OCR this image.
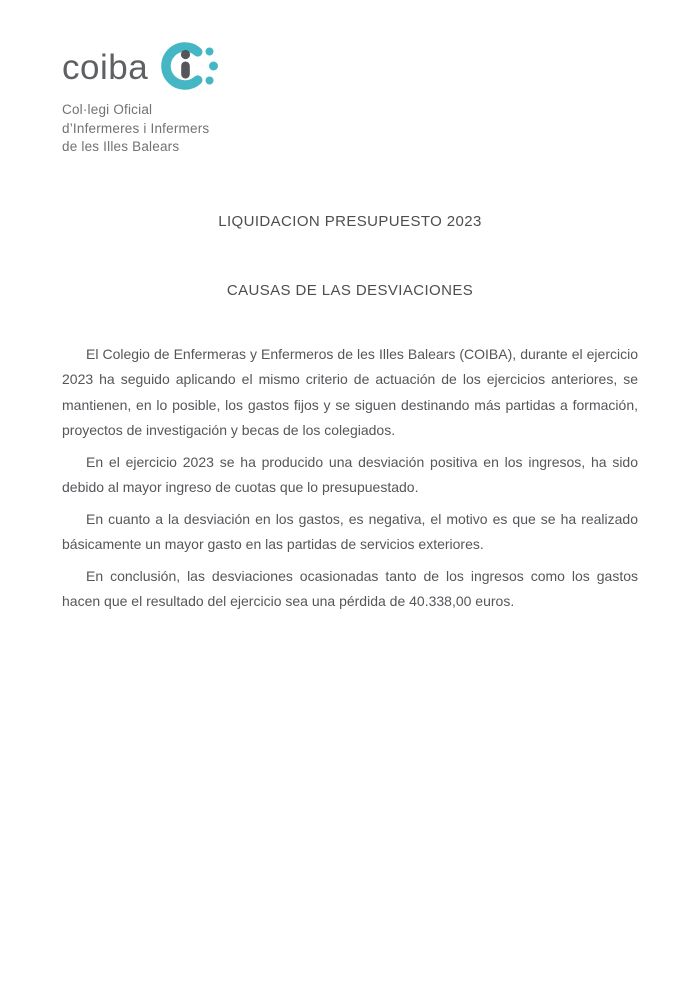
coiba
Col·legi Oficial
d’Infermeres i Infermers
de les Illes Balears
LIQUIDACION PRESUPUESTO 2023
CAUSAS DE LAS DESVIACIONES

El Colegio de Enfermeras y Enfermeros de les Illes Balears (COIBA), durante el ejercicio 2023 ha seguido aplicando el mismo criterio de actuación de los ejercicios anteriores, se mantienen, en lo posible, los gastos fijos y se siguen destinando más partidas a formación, proyectos de investigación y becas de los colegiados.

En el ejercicio 2023 se ha producido una desviación positiva en los ingresos, ha sido debido al mayor ingreso de cuotas que lo presupuestado.

En cuanto a la desviación en los gastos, es negativa, el motivo es que se ha realizado básicamente un mayor gasto en las partidas de servicios exteriores.

En conclusión, las desviaciones ocasionadas tanto de los ingresos como los gastos hacen que el resultado del ejercicio sea una pérdida de 40.338,00 euros.
